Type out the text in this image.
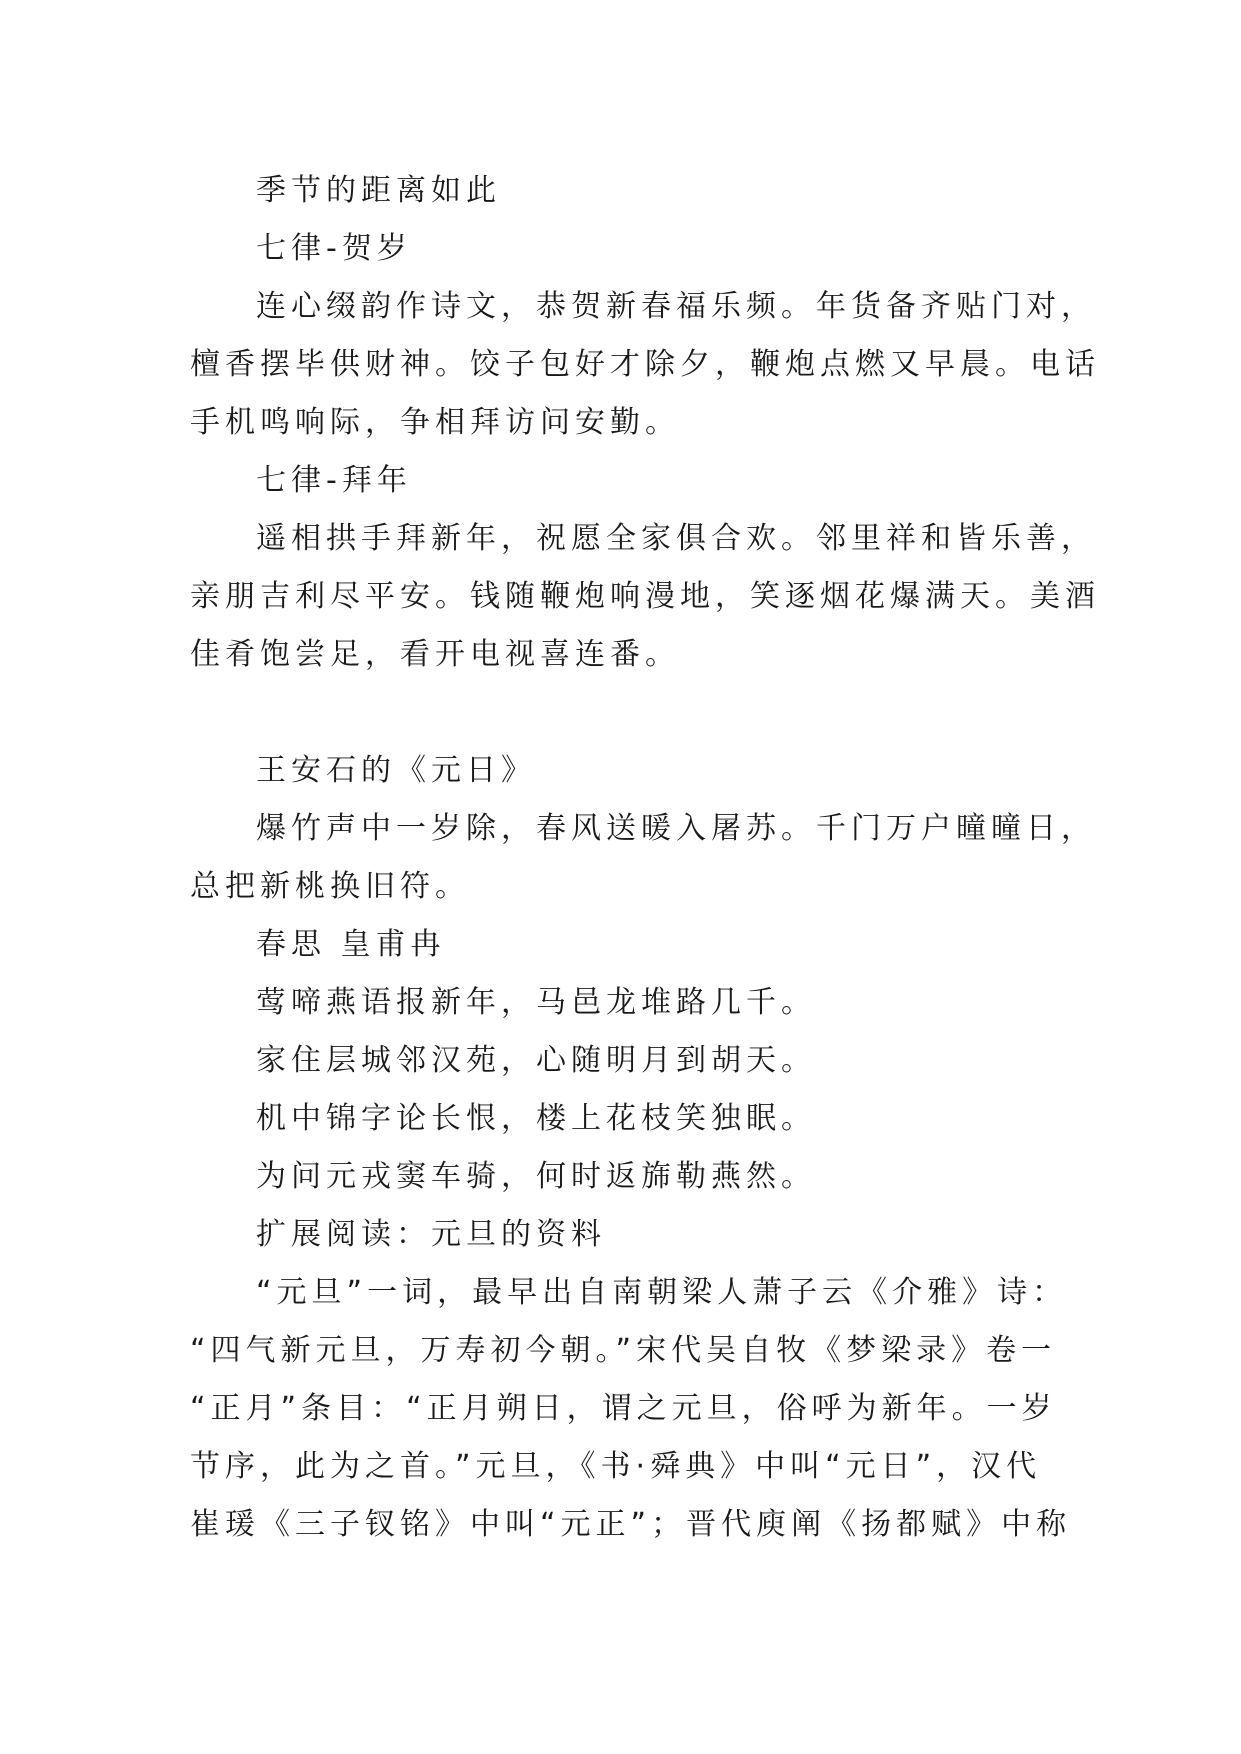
季节的距离如此

七律-贺岁

连心缀韵作诗文，恭贺新春福乐频。年货备齐贴门对，

檀香摆毕供财神。饺子包好才除夕，鞭炮点燃又早晨。电话

手机鸣响际，争相拜访问安勤。

七律-拜年

遥相拱手拜新年，祝愿全家俱合欢。邻里祥和皆乐善，

亲朋吉利尽平安。钱随鞭炮响漫地，笑逐烟花爆满天。美酒

佳肴饱尝足，看开电视喜连番。

王安石的《元日》

爆竹声中一岁除，春风送暖入屠苏。千门万户曈曈日，

总把新桃换旧符。

春思 皇甫冉

莺啼燕语报新年，马邑龙堆路几千。

家住层城邻汉苑，心随明月到胡天。

机中锦字论长恨，楼上花枝笑独眠。

为问元戎窦车骑，何时返旆勒燕然。

扩展阅读：元旦的资料

“元旦”一词，最早出自南朝梁人萧子云《介雅》诗：

“四气新元旦，万寿初今朝。”宋代吴自牧《梦梁录》卷一

“正月”条目：“正月朔日，谓之元旦，俗呼为新年。一岁

节序，此为之首。”元旦，《书·舜典》中叫“元日”，汉代

崔瑗《三子钗铭》中叫“元正”；晋代庾阐《扬都赋》中称
